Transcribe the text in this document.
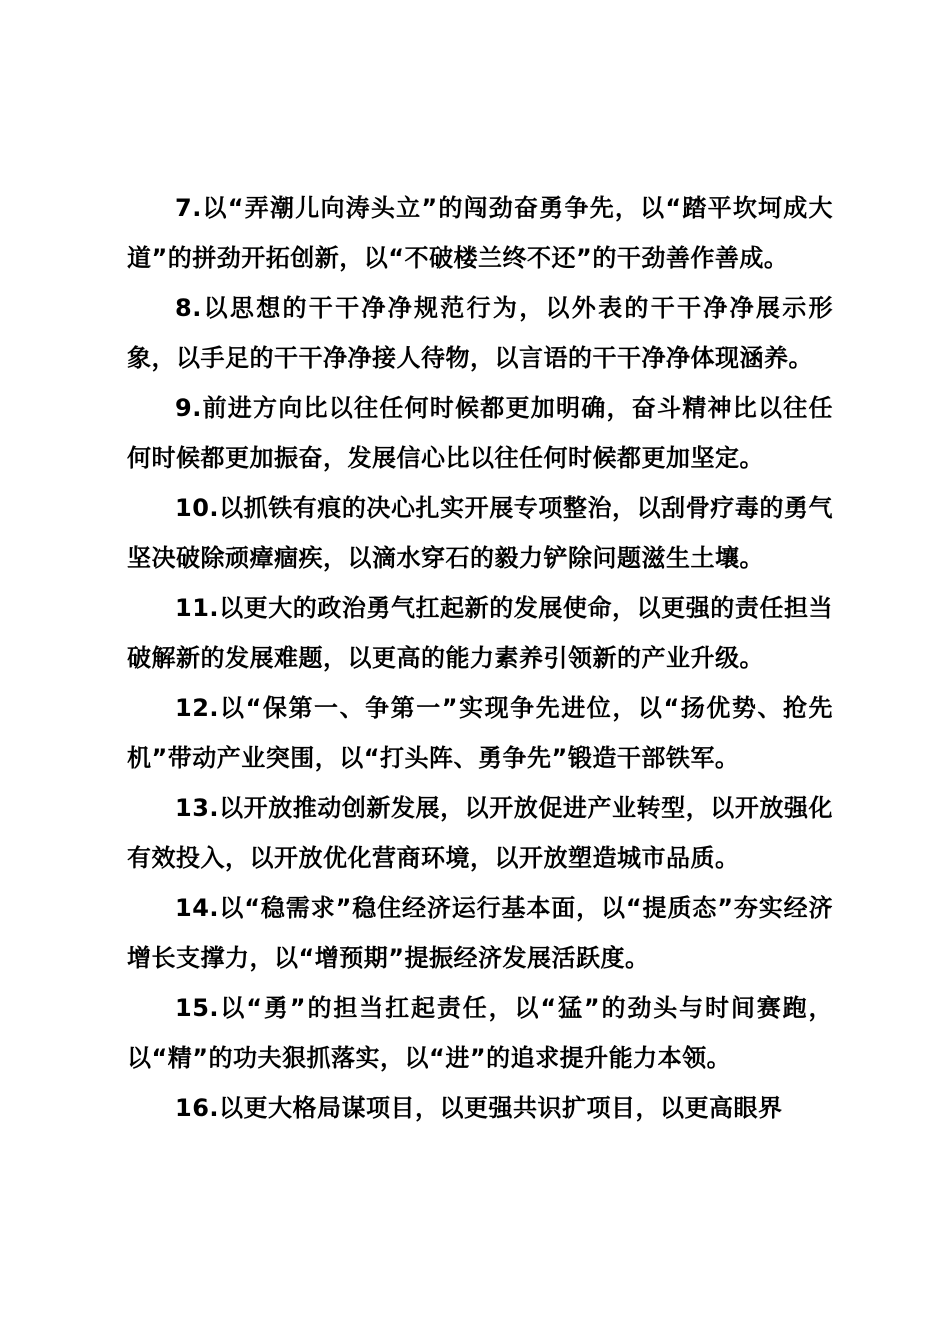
7.以“弄潮儿向涛头立”的闯劲奋勇争先，以“踏平坎坷成大道”的拼劲开拓创新，以“不破楼兰终不还”的干劲善作善成。

8.以思想的干干净净规范行为，以外表的干干净净展示形象，以手足的干干净净接人待物，以言语的干干净净体现涵养。

9.前进方向比以往任何时候都更加明确，奋斗精神比以往任何时候都更加振奋，发展信心比以往任何时候都更加坚定。

10.以抓铁有痕的决心扎实开展专项整治，以刮骨疗毒的勇气坚决破除顽瘴痼疾，以滴水穿石的毅力铲除问题滋生土壤。

11.以更大的政治勇气扛起新的发展使命，以更强的责任担当破解新的发展难题，以更高的能力素养引领新的产业升级。

12.以“保第一、争第一”实现争先进位，以“扬优势、抢先机”带动产业突围，以“打头阵、勇争先”锻造干部铁军。

13.以开放推动创新发展，以开放促进产业转型，以开放强化有效投入，以开放优化营商环境，以开放塑造城市品质。

14.以“稳需求”稳住经济运行基本面，以“提质态”夯实经济增长支撑力，以“增预期”提振经济发展活跃度。

15.以“勇”的担当扛起责任，以“猛”的劲头与时间赛跑，以“精”的功夫狠抓落实，以“进”的追求提升能力本领。

16.以更大格局谋项目，以更强共识扩项目，以更高眼界
